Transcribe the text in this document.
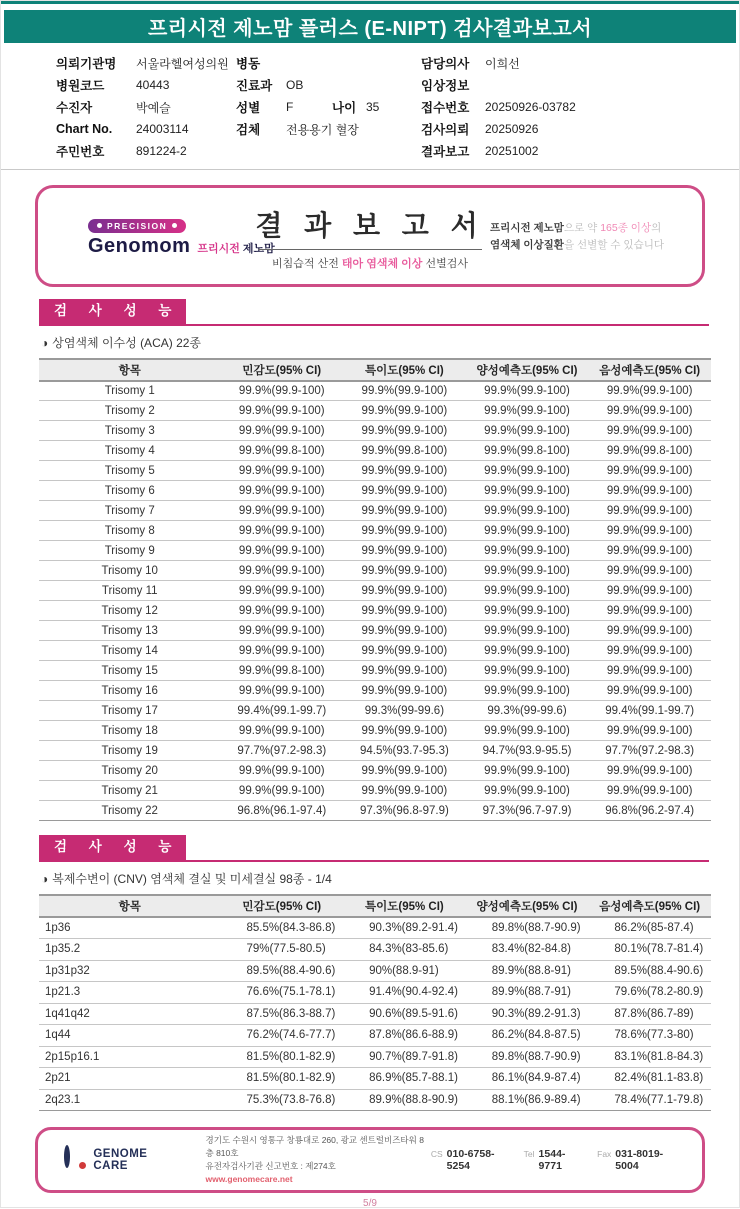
프리시전 제노맘 플러스 (E-NIPT) 검사결과보고서
의뢰기관명	서울라헬여성의원
병원코드	40443
수진자	박예슬
Chart No.	24003114
주민번호	891224-2
병동
진료과	OB
성별	F	나이 35
검체	전용용기 혈장
담당의사	이희선
임상정보
접수번호	20250926-03782
검사의뢰	20250926
결과보고	20251002
PRECISION
Genomom 프리시전 제노맘
결 과 보 고 서
비침습적 산전 태아 염색체 이상 선별검사
프리시전 제노맘으로 약 165종 이상의
염색체 이상질환을 선별할 수 있습니다
검 사 성 능
◑ 상염색체 이수성 (ACA) 22종
항목	민감도(95% CI)	특이도(95% CI)	양성예측도(95% CI)	음성예측도(95% CI)
Trisomy 1	99.9%(99.9-100)	99.9%(99.9-100)	99.9%(99.9-100)	99.9%(99.9-100)
Trisomy 2	99.9%(99.9-100)	99.9%(99.9-100)	99.9%(99.9-100)	99.9%(99.9-100)
Trisomy 3	99.9%(99.9-100)	99.9%(99.9-100)	99.9%(99.9-100)	99.9%(99.9-100)
Trisomy 4	99.9%(99.8-100)	99.9%(99.8-100)	99.9%(99.8-100)	99.9%(99.8-100)
Trisomy 5	99.9%(99.9-100)	99.9%(99.9-100)	99.9%(99.9-100)	99.9%(99.9-100)
Trisomy 6	99.9%(99.9-100)	99.9%(99.9-100)	99.9%(99.9-100)	99.9%(99.9-100)
Trisomy 7	99.9%(99.9-100)	99.9%(99.9-100)	99.9%(99.9-100)	99.9%(99.9-100)
Trisomy 8	99.9%(99.9-100)	99.9%(99.9-100)	99.9%(99.9-100)	99.9%(99.9-100)
Trisomy 9	99.9%(99.9-100)	99.9%(99.9-100)	99.9%(99.9-100)	99.9%(99.9-100)
Trisomy 10	99.9%(99.9-100)	99.9%(99.9-100)	99.9%(99.9-100)	99.9%(99.9-100)
Trisomy 11	99.9%(99.9-100)	99.9%(99.9-100)	99.9%(99.9-100)	99.9%(99.9-100)
Trisomy 12	99.9%(99.9-100)	99.9%(99.9-100)	99.9%(99.9-100)	99.9%(99.9-100)
Trisomy 13	99.9%(99.9-100)	99.9%(99.9-100)	99.9%(99.9-100)	99.9%(99.9-100)
Trisomy 14	99.9%(99.9-100)	99.9%(99.9-100)	99.9%(99.9-100)	99.9%(99.9-100)
Trisomy 15	99.9%(99.8-100)	99.9%(99.9-100)	99.9%(99.9-100)	99.9%(99.9-100)
Trisomy 16	99.9%(99.9-100)	99.9%(99.9-100)	99.9%(99.9-100)	99.9%(99.9-100)
Trisomy 17	99.4%(99.1-99.7)	99.3%(99-99.6)	99.3%(99-99.6)	99.4%(99.1-99.7)
Trisomy 18	99.9%(99.9-100)	99.9%(99.9-100)	99.9%(99.9-100)	99.9%(99.9-100)
Trisomy 19	97.7%(97.2-98.3)	94.5%(93.7-95.3)	94.7%(93.9-95.5)	97.7%(97.2-98.3)
Trisomy 20	99.9%(99.9-100)	99.9%(99.9-100)	99.9%(99.9-100)	99.9%(99.9-100)
Trisomy 21	99.9%(99.9-100)	99.9%(99.9-100)	99.9%(99.9-100)	99.9%(99.9-100)
Trisomy 22	96.8%(96.1-97.4)	97.3%(96.8-97.9)	97.3%(96.7-97.9)	96.8%(96.2-97.4)
검 사 성 능
◑ 복제수변이 (CNV) 염색체 결실 및 미세결실 98종 - 1/4
항목	민감도(95% CI)	특이도(95% CI)	양성예측도(95% CI)	음성예측도(95% CI)
1p36	85.5%(84.3-86.8)	90.3%(89.2-91.4)	89.8%(88.7-90.9)	86.2%(85-87.4)
1p35.2	79%(77.5-80.5)	84.3%(83-85.6)	83.4%(82-84.8)	80.1%(78.7-81.4)
1p31p32	89.5%(88.4-90.6)	90%(88.9-91)	89.9%(88.8-91)	89.5%(88.4-90.6)
1p21.3	76.6%(75.1-78.1)	91.4%(90.4-92.4)	89.9%(88.7-91)	79.6%(78.2-80.9)
1q41q42	87.5%(86.3-88.7)	90.6%(89.5-91.6)	90.3%(89.2-91.3)	87.8%(86.7-89)
1q44	76.2%(74.6-77.7)	87.8%(86.6-88.9)	86.2%(84.8-87.5)	78.6%(77.3-80)
2p15p16.1	81.5%(80.1-82.9)	90.7%(89.7-91.8)	89.8%(88.7-90.9)	83.1%(81.8-84.3)
2p21	81.5%(80.1-82.9)	86.9%(85.7-88.1)	86.1%(84.9-87.4)	82.4%(81.1-83.8)
2q23.1	75.3%(73.8-76.8)	89.9%(88.8-90.9)	88.1%(86.9-89.4)	78.4%(77.1-79.8)
GENOME CARE
경기도 수원시 영통구 창룡대로 260, 광교 센트럴비즈타워 8층 810호
유전자검사기관 신고번호 : 제274호
www.genomecare.net
CS 010-6758-5254
Tel 1544-9771
Fax 031-8019-5004
5/9
